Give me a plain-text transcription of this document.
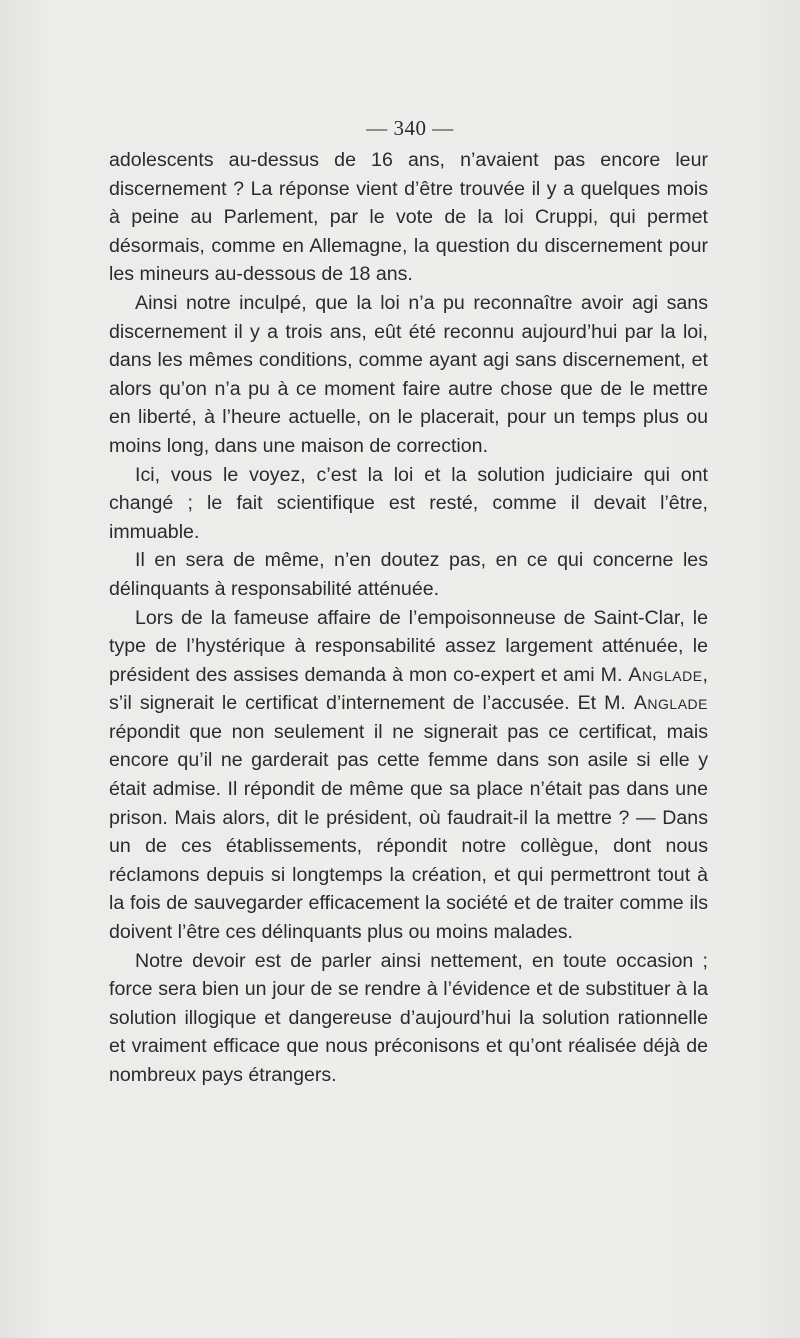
— 340 —

adolescents au-dessus de 16 ans, n’avaient pas encore leur discernement ? La réponse vient d’être trouvée il y a quelques mois à peine au Parlement, par le vote de la loi Cruppi, qui permet désormais, comme en Allemagne, la question du discernement pour les mineurs au-dessous de 18 ans.

Ainsi notre inculpé, que la loi n’a pu reconnaître avoir agi sans discernement il y a trois ans, eût été reconnu aujourd’hui par la loi, dans les mêmes conditions, comme ayant agi sans discernement, et alors qu’on n’a pu à ce moment faire autre chose que de le mettre en liberté, à l’heure actuelle, on le placerait, pour un temps plus ou moins long, dans une maison de correction.

Ici, vous le voyez, c’est la loi et la solution judiciaire qui ont changé ; le fait scientifique est resté, comme il devait l’être, immuable.

Il en sera de même, n’en doutez pas, en ce qui concerne les délinquants à responsabilité atténuée.

Lors de la fameuse affaire de l’empoisonneuse de Saint-Clar, le type de l’hystérique à responsabilité assez largement atténuée, le président des assises demanda à mon co-expert et ami M. Anglade, s’il signerait le certificat d’internement de l’accusée. Et M. Anglade répondit que non seulement il ne signerait pas ce certificat, mais encore qu’il ne garderait pas cette femme dans son asile si elle y était admise. Il répondit de même que sa place n’était pas dans une prison. Mais alors, dit le président, où faudrait-il la mettre ? — Dans un de ces établissements, répondit notre collègue, dont nous réclamons depuis si longtemps la création, et qui permettront tout à la fois de sauvegarder efficacement la société et de traiter comme ils doivent l’être ces délinquants plus ou moins malades.

Notre devoir est de parler ainsi nettement, en toute occasion ; force sera bien un jour de se rendre à l’évidence et de substituer à la solution illogique et dangereuse d’aujourd’hui la solution rationnelle et vraiment efficace que nous préconisons et qu’ont réalisée déjà de nombreux pays étrangers.
